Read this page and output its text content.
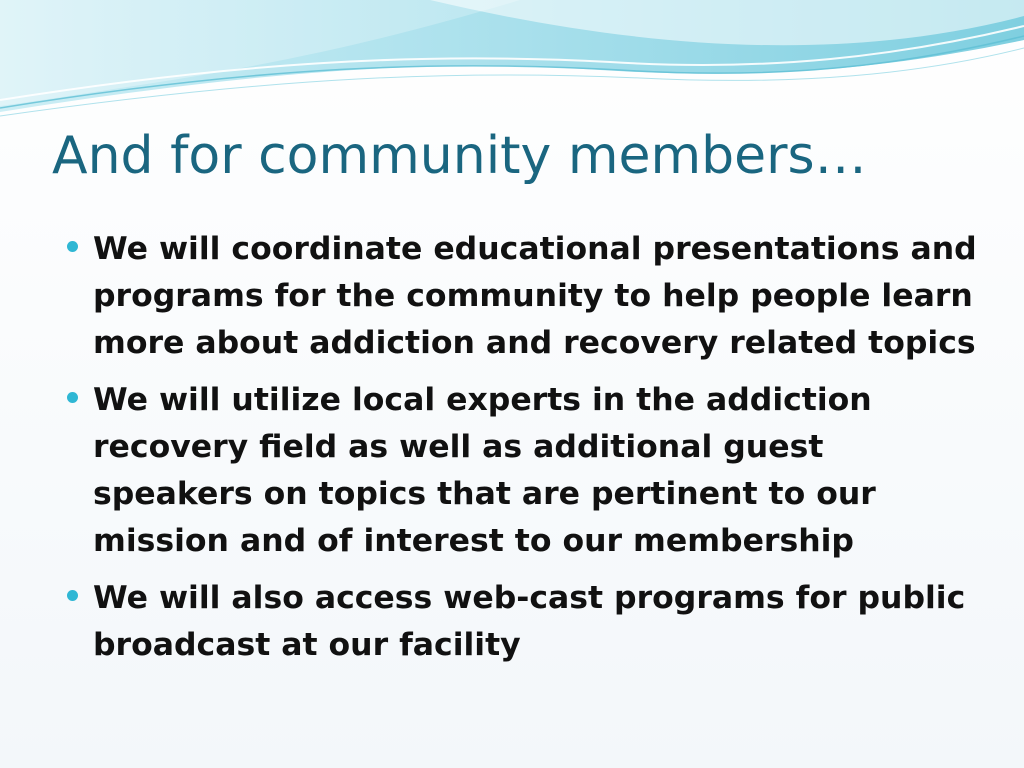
And for community members…
We will coordinate educational presentations and programs for the community to help people learn more about addiction and recovery related topics
We will utilize local experts in the addiction recovery field as well as additional guest speakers on topics that are pertinent to our mission and of interest to our membership
We will also access web-cast programs for public broadcast at our facility
